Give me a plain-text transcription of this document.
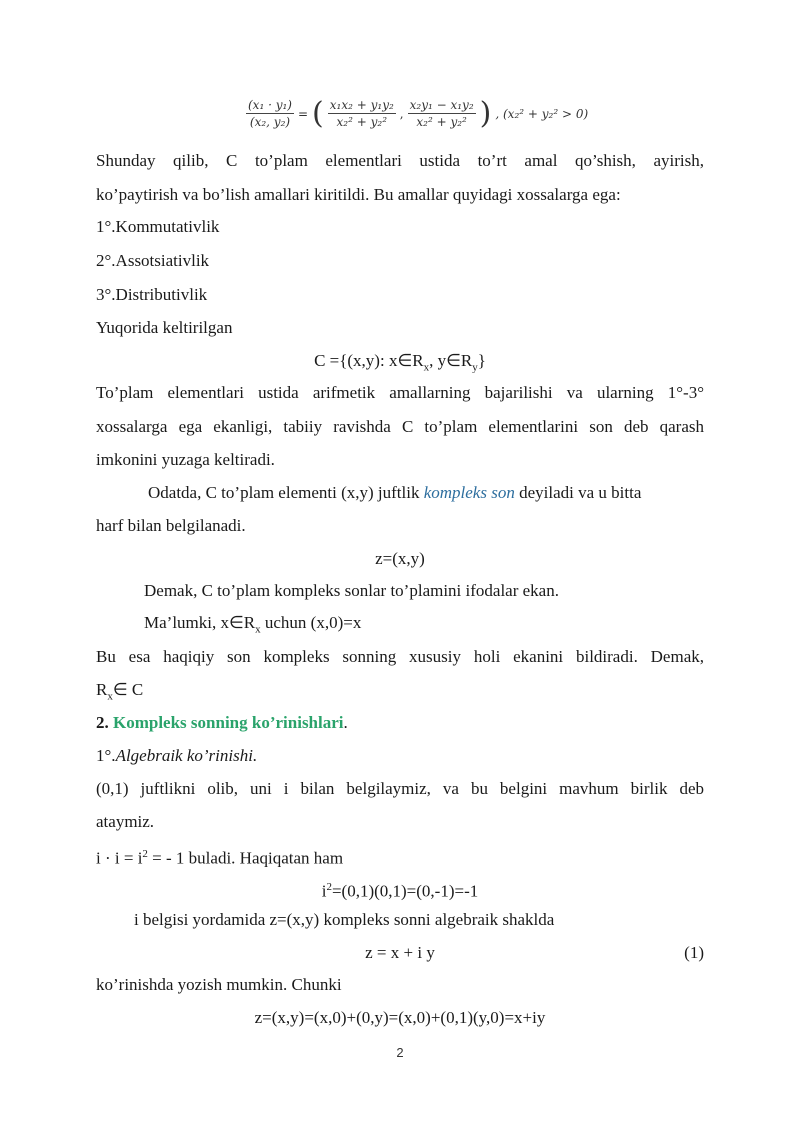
$\frac{\text{(x₁ · y₁)}}{\text{(x₂, y₂)}}$ = ( $\frac{\text{x₁x₂ + y₁y₂}}{\text{x₂² + y₂²}}$ , $\frac{\text{x₂y₁ − x₁y₂}}{\text{x₂² + y₂²}}$ ) , (x₂² + y₂² > 0)
Shunday qilib, C to’plam elementlari ustida to’rt amal qo’shish, ayirish,
ko’paytirish va bo’lish amallari kiritildi. Bu amallar quyidagi xossalarga ega:
1°.Kommutativlik
2°.Assotsiativlik
3°.Distributivlik
Yuqorida keltirilgan
C ={(x,y): $x\in R_x$, $y\in R_y$}
To’plam elementlari ustida arifmetik amallarning bajarilishi va ularning 1°-3°
xossalarga ega ekanligi, tabiiy ravishda C to’plam elementlarini son deb qarash
imkonini yuzaga keltiradi.
Odatda, C to’plam elementi (x,y) juftlik kompleks son deyiladi va u bitta
harf bilan belgilanadi.
z=(x,y)
Demak, C to’plam kompleks sonlar to’plamini ifodalar ekan.
Ma’lumki, $x\in R_x$ uchun (x,0)=x
Bu esa haqiqiy son kompleks sonning xususiy holi ekanini bildiradi. Demak,
$R_x\in$ C
2. Kompleks sonning ko’rinishlari.
1°.Algebraik ko’rinishi.
(0,1) juftlikni olib, uni i bilan belgilaymiz, va bu belgini mavhum birlik deb
ataymiz.
$i \cdot i = i^2$ = - 1 buladi. Haqiqatan ham
$i^2=(0,1)(0,1)=(0,-1)=-1$
i belgisi yordamida z=(x,y) kompleks sonni algebraik shaklda
z = x + i y	(1)
ko’rinishda yozish mumkin. Chunki
z=(x,y)=(x,0)+(0,y)=(x,0)+(0,1)(y,0)=x+iy
2
